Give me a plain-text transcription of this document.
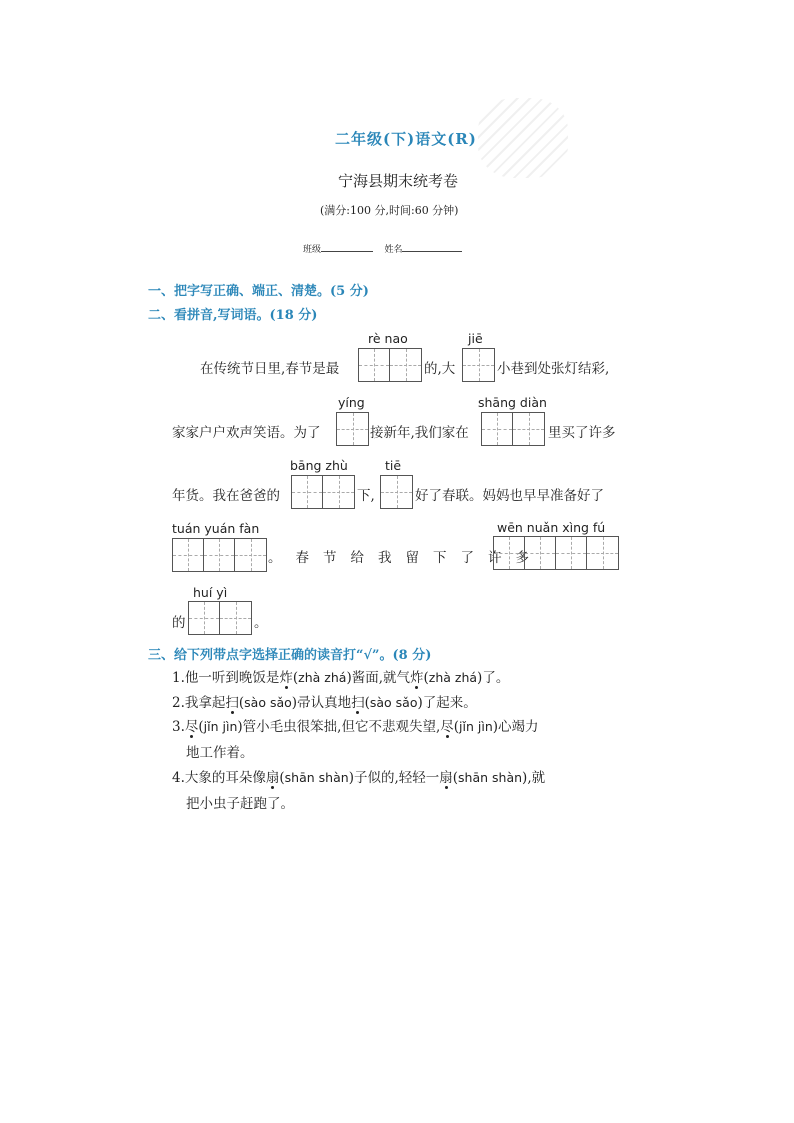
二年级(下)语文(R)
宁海县期末统考卷
(满分:100 分,时间:60 分钟)
班级	姓名
一、把字写正确、端正、清楚。(5 分)
二、看拼音,写词语。(18 分)
rè nao	jiē
在传统节日里,春节是最	的,大	小巷到处张灯结彩,
yíng	shāng diàn
家家户户欢声笑语。为了	接新年,我们家在	里买了许多
bāng zhù	tiē
年货。我在爸爸的	下,	好了春联。妈妈也早早准备好了
tuán yuán fàn	wēn nuǎn xìng fú
。春节给我留下了许多
huí yì
的	。
三、给下列带点字选择正确的读音打“√”。(8 分)
1.他一听到晚饭是炸(zhà zhá)酱面,就气炸(zhà zhá)了。
2.我拿起扫(sào sǎo)帚认真地扫(sào sǎo)了起来。
3.尽(jǐn jìn)管小毛虫很笨拙,但它不悲观失望,尽(jǐn jìn)心竭力
地工作着。
4.大象的耳朵像扇(shān shàn)子似的,轻轻一扇(shān shàn),就
把小虫子赶跑了。
